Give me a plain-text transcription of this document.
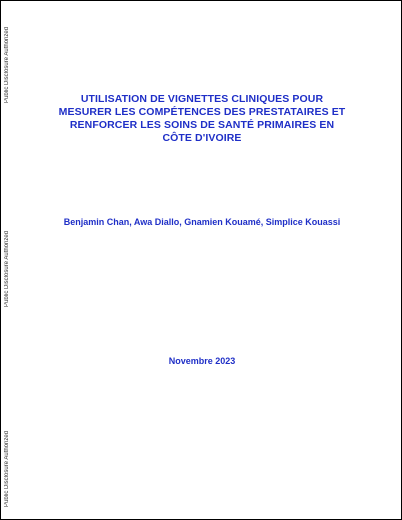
Public Disclosure Authorized
Public Disclosure Authorized
Public Disclosure Authorized
UTILISATION DE VIGNETTES CLINIQUES POUR
MESURER LES COMPÉTENCES DES PRESTATAIRES ET
RENFORCER LES SOINS DE SANTÉ PRIMAIRES EN
CÔTE D'IVOIRE

Benjamin Chan, Awa Diallo, Gnamien Kouamé, Simplice Kouassi

Novembre 2023
